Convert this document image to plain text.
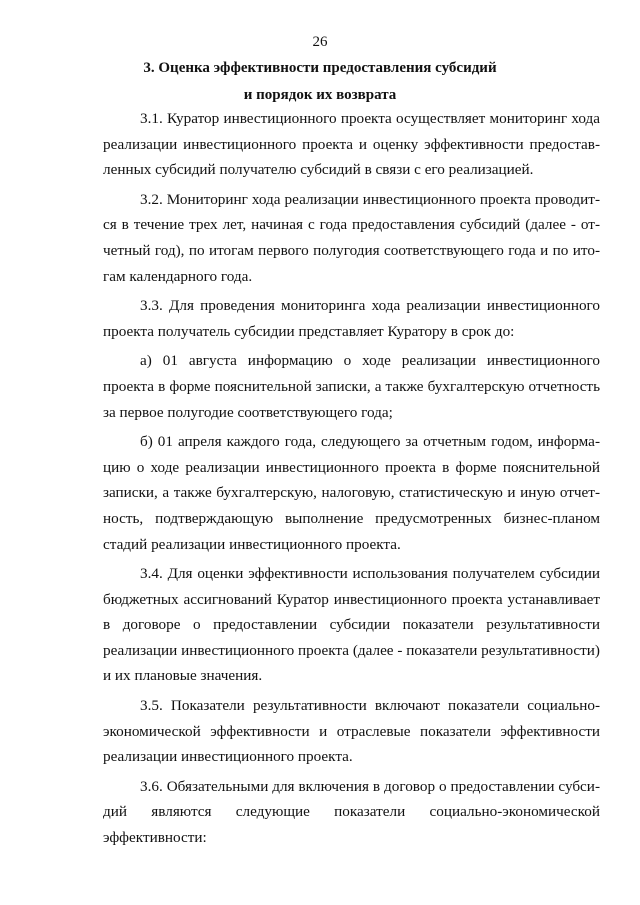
26
3. Оценка эффективности предоставления субсидий
и порядок их возврата

3.1. Куратор инвестиционного проекта осуществляет мониторинг хода реализации инвестиционного проекта и оценку эффективности предоставленных субсидий получателю субсидий в связи с его реализацией.

3.2. Мониторинг хода реализации инвестиционного проекта проводится в течение трех лет, начиная с года предоставления субсидий (далее - отчетный год), по итогам первого полугодия соответствующего года и по итогам календарного года.

3.3. Для проведения мониторинга хода реализации инвестиционного проекта получатель субсидии представляет Куратору в срок до:

а) 01 августа информацию о ходе реализации инвестиционного проекта в форме пояснительной записки, а также бухгалтерскую отчетность за первое полугодие соответствующего года;

б) 01 апреля каждого года, следующего за отчетным годом, информацию о ходе реализации инвестиционного проекта в форме пояснительной записки, а также бухгалтерскую, налоговую, статистическую и иную отчетность, подтверждающую выполнение предусмотренных бизнес-планом стадий реализации инвестиционного проекта.

3.4. Для оценки эффективности использования получателем субсидии бюджетных ассигнований Куратор инвестиционного проекта устанавливает в договоре о предоставлении субсидии показатели результативности реализации инвестиционного проекта (далее - показатели результативности) и их плановые значения.

3.5. Показатели результативности включают показатели социально-экономической эффективности и отраслевые показатели эффективности реализации инвестиционного проекта.

3.6. Обязательными для включения в договор о предоставлении субсидий являются следующие показатели социально-экономической эффективности:
